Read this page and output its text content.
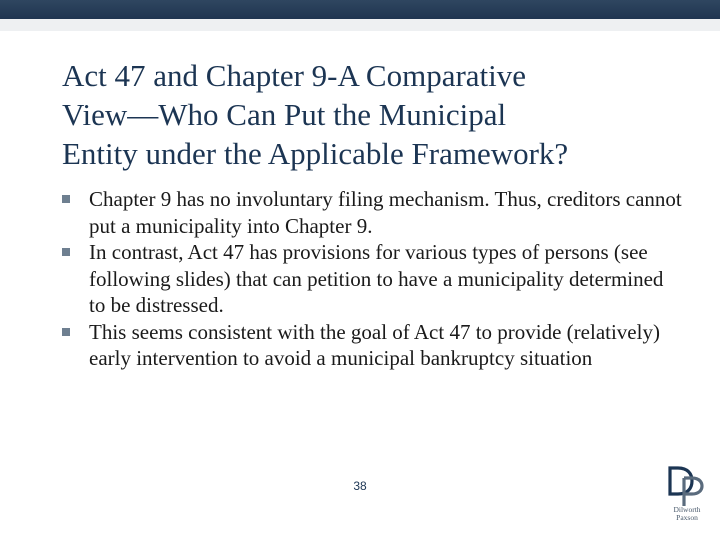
Act 47 and Chapter 9-A Comparative
View—Who Can Put the Municipal
Entity under the Applicable Framework?
Chapter 9 has no involuntary filing mechanism. Thus, creditors cannot put a municipality into Chapter 9.
In contrast, Act 47 has provisions for various types of persons (see following slides) that can petition to have a municipality determined to be distressed.
This seems consistent with the goal of Act 47 to provide (relatively) early intervention to avoid a municipal bankruptcy situation
38
Dilworth
Paxson
